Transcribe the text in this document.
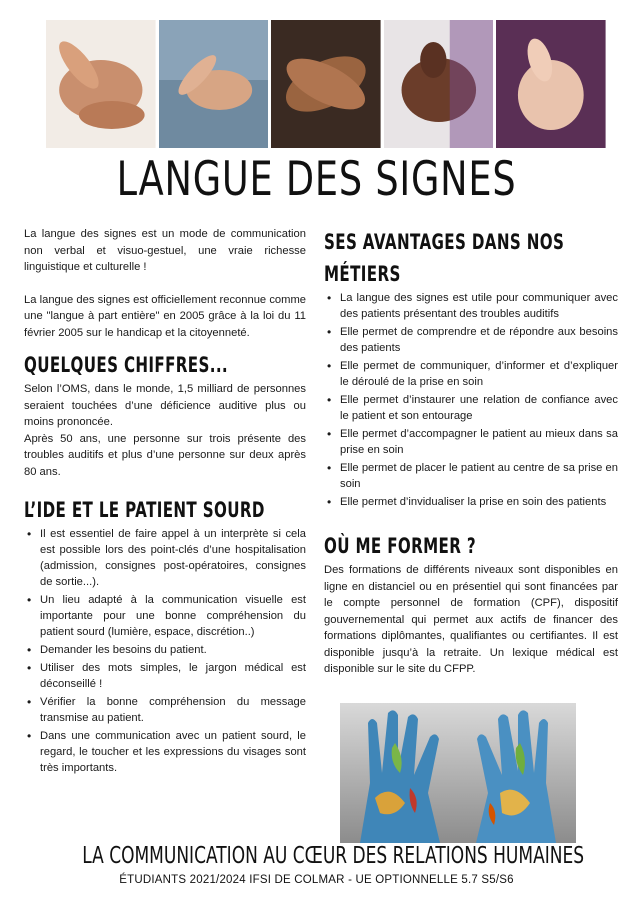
LANGUE DES SIGNES

La langue des signes est un mode de communication non verbal et visuo-gestuel, une vraie richesse linguistique et culturelle !

La langue des signes est officiellement reconnue comme une "langue à part entière" en 2005 grâce à la loi du 11 février 2005 sur le handicap et la citoyenneté.

QUELQUES CHIFFRES...

Selon l’OMS, dans le monde, 1,5 milliard de personnes seraient touchées d’une déficience auditive plus ou moins prononcée.

Après 50 ans, une personne sur trois présente des troubles auditifs et plus d’une personne sur deux après 80 ans.

L’IDE ET LE PATIENT SOURD
• Il est essentiel de faire appel à un interprète si cela est possible lors des point-clés d’une hospitalisation (admission, consignes post-opératoires, consignes de sortie...).
• Un lieu adapté à la communication visuelle est importante pour une bonne compréhension du patient sourd (lumière, espace, discrétion..)
• Demander les besoins du patient.
• Utiliser des mots simples, le jargon médical est déconseillé !
• Vérifier la bonne compréhension du message transmise au patient.
• Dans une communication avec un patient sourd, le regard, le toucher et les expressions du visages sont très importants.
SES AVANTAGES DANS NOS
MÉTIERS
• La langue des signes est utile pour communiquer avec des patients présentant des troubles auditifs
• Elle permet de comprendre et de répondre aux besoins des patients
• Elle permet de communiquer, d’informer et d’expliquer le déroulé de la prise en soin
• Elle permet d’instaurer une relation de confiance avec le patient et son entourage
• Elle permet d’accompagner le patient au mieux dans sa prise en soin
• Elle permet de placer le patient au centre de sa prise en soin
• Elle permet d’invidualiser la prise en soin des patients
OÙ ME FORMER ?

Des formations de différents niveaux sont disponibles en ligne en distanciel ou en présentiel qui sont financées par le compte personnel de formation (CPF), dispositif gouvernemental qui permet aux actifs de financer des formations diplômantes, qualifiantes ou certifiantes. Il est disponible jusqu’à la retraite. Un lexique médical est disponible sur le site du CFPP.

LA COMMUNICATION AU CŒUR DES RELATIONS HUMAINES
ÉTUDIANTS 2021/2024 IFSI DE COLMAR - UE OPTIONNELLE 5.7 S5/S6
